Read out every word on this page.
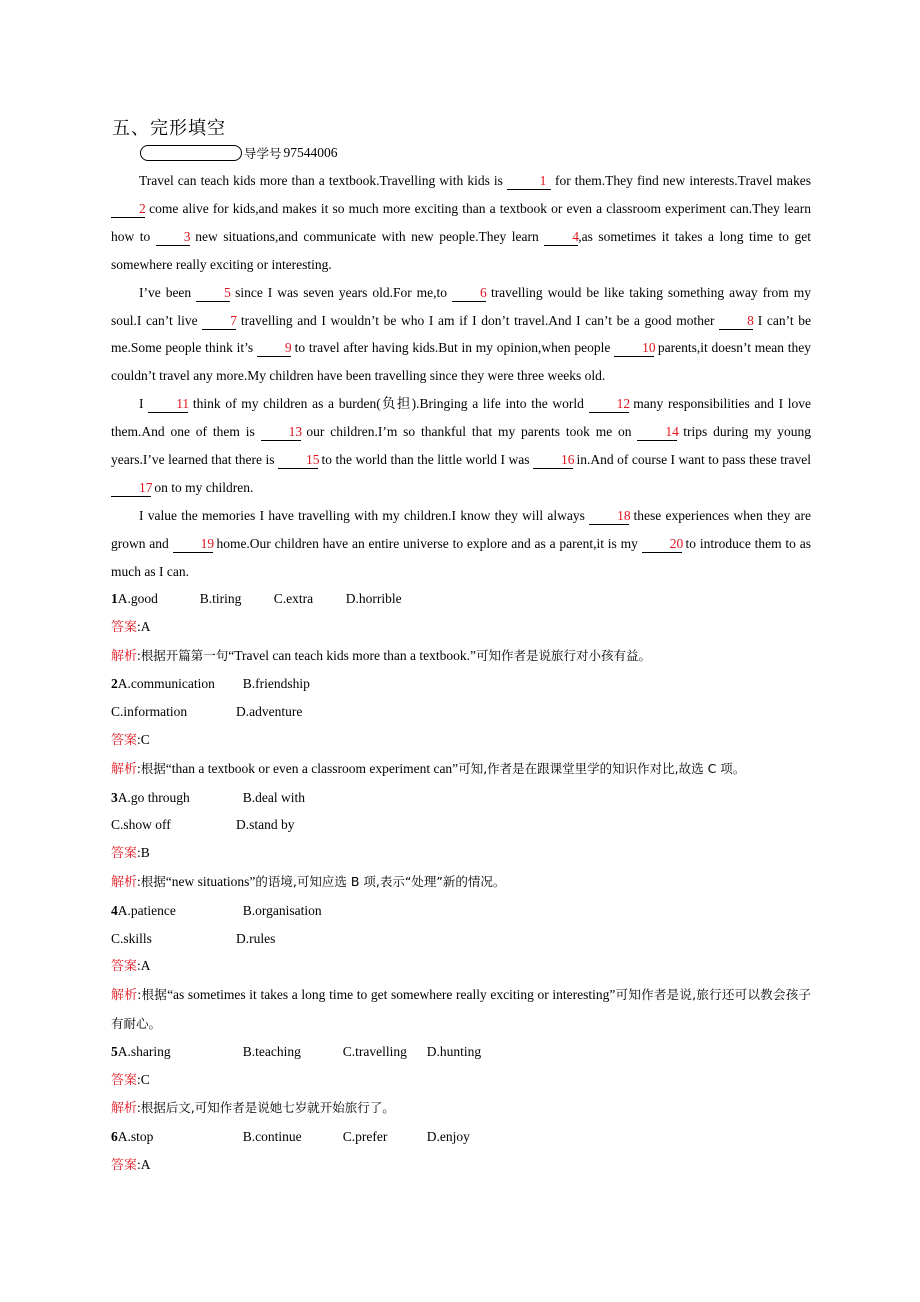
五、完形填空
导学号 97544006

Travel can teach kids more than a textbook.Travelling with kids is 1 for them.They find new interests.Travel makes 2 come alive for kids,and makes it so much more exciting than a textbook or even a classroom experiment can.They learn how to 3 new situations,and communicate with new people.They learn 4,as sometimes it takes a long time to get somewhere really exciting or interesting.

I’ve been 5 since I was seven years old.For me,to 6 travelling would be like taking something away from my soul.I can’t live 7 travelling and I wouldn’t be who I am if I don’t travel.And I can’t be a good mother 8 I can’t be me.Some people think it’s 9 to travel after having kids.But in my opinion,when people 10 parents,it doesn’t mean they couldn’t travel any more.My children have been travelling since they were three weeks old.

I 11 think of my children as a burden(负担).Bringing a life into the world 12 many responsibilities and I love them.And one of them is 13 our children.I’m so thankful that my parents took me on 14 trips during my young years.I’ve learned that there is 15 to the world than the little world I was 16 in.And of course I want to pass these travel 17 on to my children.

I value the memories I have travelling with my children.I know they will always 18 these experiences when they are grown and 19 home.Our children have an entire universe to explore and as a parent,it is my 20 to introduce them to as much as I can.

1A.good	B.tiring C.extra D.horrible
答案:A
解析:根据开篇第一句“Travel can teach kids more than a textbook.”可知作者是说旅行对小孩有益。
2A.communication B.friendship
C.information	D.adventure
答案:C
解析:根据“than a textbook or even a classroom experiment can”可知,作者是在跟课堂里学的知识作对比,故选 C 项。
3A.go through	B.deal with
C.show off	D.stand by
答案:B
解析:根据“new situations”的语境,可知应选 B 项,表示“处理”新的情况。
4A.patience	B.organisation
C.skills	D.rules
答案:A
解析:根据“as sometimes it takes a long time to get somewhere really exciting or interesting”可知作者是说,旅行还可以教会孩子有耐心。
5A.sharing	B.teaching	C.travelling D.hunting
答案:C
解析:根据后文,可知作者是说她七岁就开始旅行了。
6A.stop	B.continue	C.prefer	D.enjoy
答案:A
